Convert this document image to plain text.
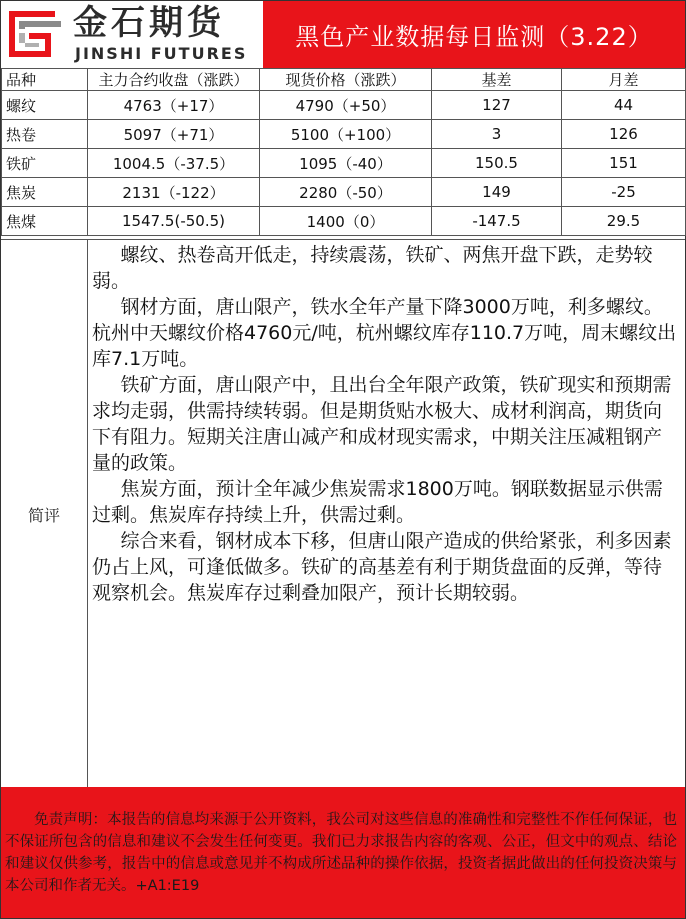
金石期货
JINSHI FUTURES
黑色产业数据每日监测（3.22）
品种	主力合约收盘（涨跌）	现货价格（涨跌）	基差	月差
螺纹	4763（+17）	4790（+50）	127	44
热卷	5097（+71）	5100（+100）	3	126
铁矿	1004.5（-37.5）	1095（-40）	150.5	151
焦炭	2131（-122）	2280（-50）	149	-25
焦煤	1547.5(-50.5)	1400（0）	-147.5	29.5
简评

螺纹、热卷高开低走，持续震荡，铁矿、两焦开盘下跌，走势较弱。

钢材方面，唐山限产，铁水全年产量下降3000万吨，利多螺纹。杭州中天螺纹价格4760元/吨，杭州螺纹库存110.7万吨，周末螺纹出库7.1万吨。

铁矿方面，唐山限产中，且出台全年限产政策，铁矿现实和预期需求均走弱，供需持续转弱。但是期货贴水极大、成材利润高，期货向下有阻力。短期关注唐山减产和成材现实需求，中期关注压减粗钢产量的政策。

焦炭方面，预计全年减少焦炭需求1800万吨。钢联数据显示供需过剩。焦炭库存持续上升，供需过剩。

综合来看，钢材成本下移，但唐山限产造成的供给紧张，利多因素仍占上风，可逢低做多。铁矿的高基差有利于期货盘面的反弹，等待观察机会。焦炭库存过剩叠加限产，预计长期较弱。

免责声明：本报告的信息均来源于公开资料，我公司对这些信息的准确性和完整性不作任何保证，也不保证所包含的信息和建议不会发生任何变更。我们已力求报告内容的客观、公正，但文中的观点、结论和建议仅供参考，报告中的信息或意见并不构成所述品种的操作依据，投资者据此做出的任何投资决策与本公司和作者无关。+A1:E19
